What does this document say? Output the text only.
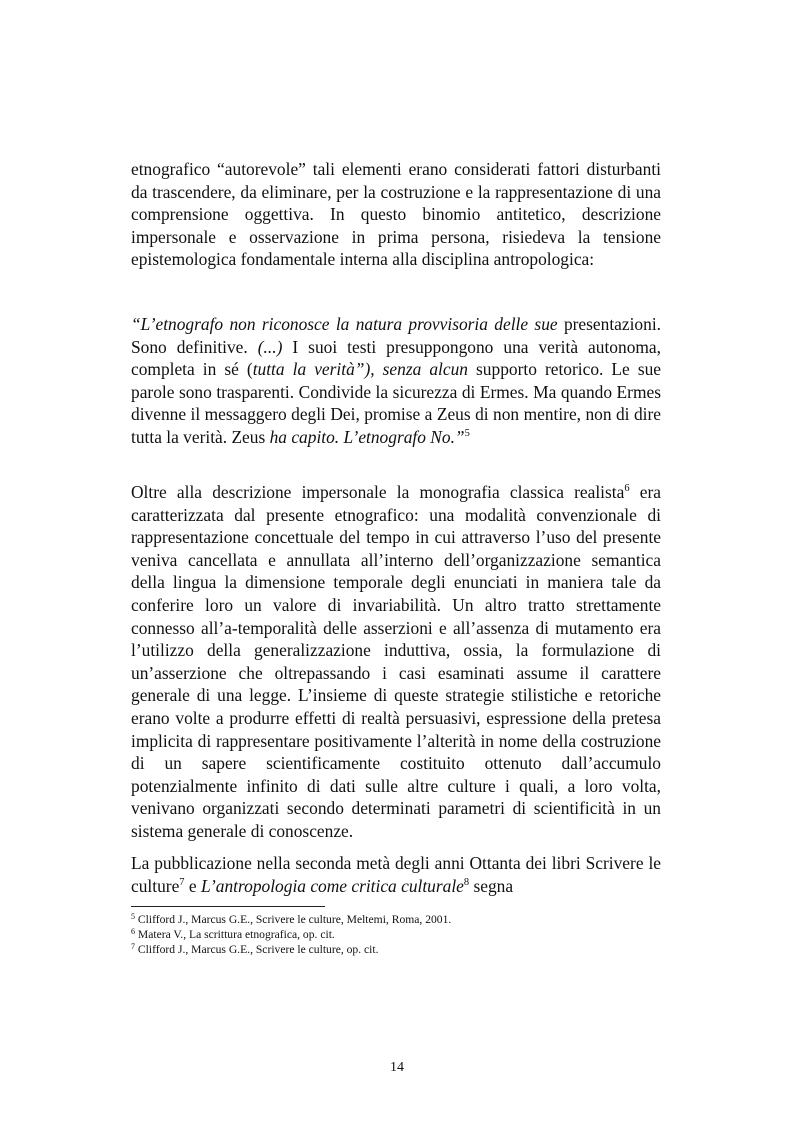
etnografico “autorevole” tali elementi erano considerati fattori disturbanti da trascendere, da eliminare, per la costruzione e la rappresentazione di una comprensione oggettiva. In questo binomio antitetico, descrizione impersonale e osservazione in prima persona, risiedeva la tensione epistemologica fondamentale interna alla disciplina antropologica:

“L’etnografo non riconosce la natura provvisoria delle sue presentazioni. Sono definitive. (...) I suoi testi presuppongono una verità autonoma, completa in sé (tutta la verità”), senza alcun supporto retorico. Le sue parole sono trasparenti. Condivide la sicurezza di Ermes. Ma quando Ermes divenne il messaggero degli Dei, promise a Zeus di non mentire, non di dire tutta la verità. Zeus ha capito. L’etnografo No.”$^5$

Oltre alla descrizione impersonale la monografia classica realista$^6$ era caratterizzata dal presente etnografico: una modalità convenzionale di rappresentazione concettuale del tempo in cui attraverso l’uso del presente veniva cancellata e annullata all’interno dell’organizzazione semantica della lingua la dimensione temporale degli enunciati in maniera tale da conferire loro un valore di invariabilità. Un altro tratto strettamente connesso all’a-temporalità delle asserzioni e all’assenza di mutamento era l’utilizzo della generalizzazione induttiva, ossia, la formulazione di un’asserzione che oltrepassando i casi esaminati assume il carattere generale di una legge. L’insieme di queste strategie stilistiche e retoriche erano volte a produrre effetti di realtà persuasivi, espressione della pretesa implicita di rappresentare positivamente l’alterità in nome della costruzione di un sapere scientificamente costituito ottenuto dall’accumulo potenzialmente infinito di dati sulle altre culture i quali, a loro volta, venivano organizzati secondo determinati parametri di scientificità in un sistema generale di conoscenze.

La pubblicazione nella seconda metà degli anni Ottanta dei libri Scrivere le culture$^7$ e L’antropologia come critica culturale$^8$ segna

$^5$ Clifford J., Marcus G.E., Scrivere le culture, Meltemi, Roma, 2001.
$^6$ Matera V., La scrittura etnografica, op. cit.
$^7$ Clifford J., Marcus G.E., Scrivere le culture, op. cit.
14
